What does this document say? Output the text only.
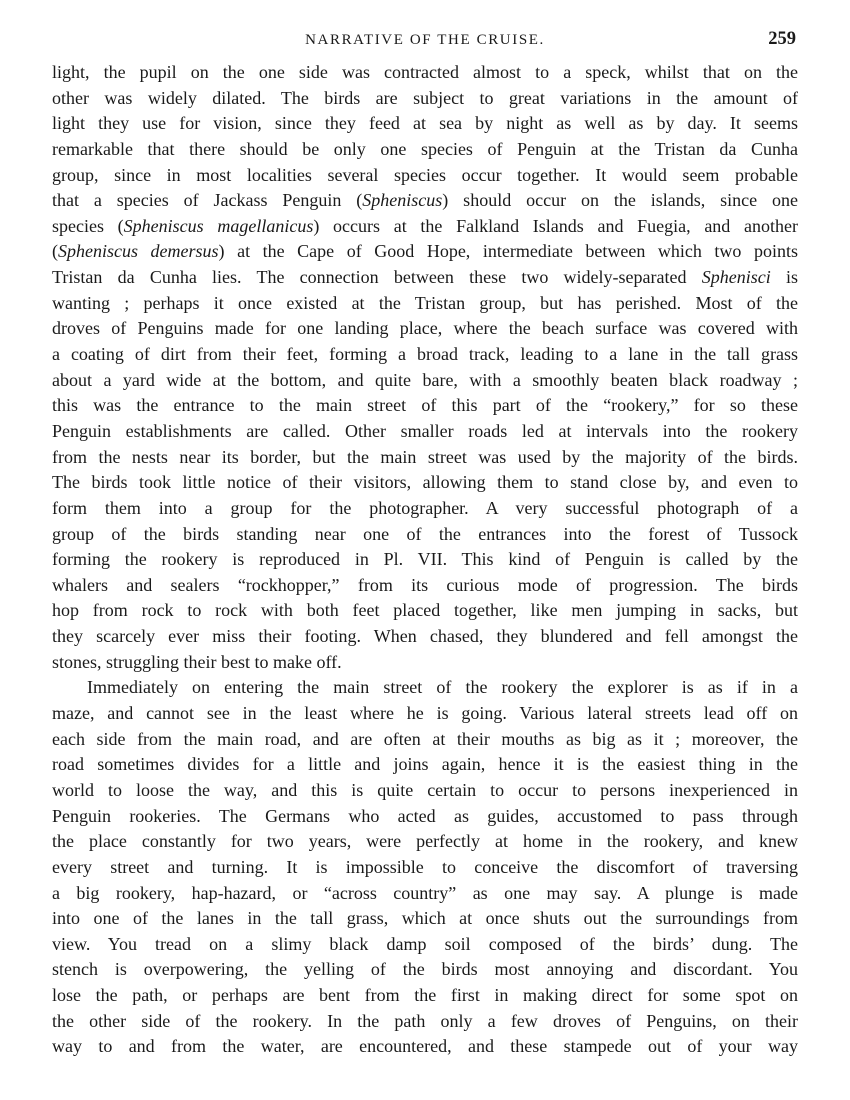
NARRATIVE OF THE CRUISE.	259
light, the pupil on the one side was contracted almost to a speck, whilst that on the
other was widely dilated. The birds are subject to great variations in the amount of
light they use for vision, since they feed at sea by night as well as by day. It seems
remarkable that there should be only one species of Penguin at the Tristan da Cunha
group, since in most localities several species occur together. It would seem probable
that a species of Jackass Penguin (Spheniscus) should occur on the islands, since one
species (Spheniscus magellanicus) occurs at the Falkland Islands and Fuegia, and another
(Spheniscus demersus) at the Cape of Good Hope, intermediate between which two points
Tristan da Cunha lies. The connection between these two widely-separated Sphenisci is
wanting ; perhaps it once existed at the Tristan group, but has perished. Most of the
droves of Penguins made for one landing place, where the beach surface was covered with
a coating of dirt from their feet, forming a broad track, leading to a lane in the tall grass
about a yard wide at the bottom, and quite bare, with a smoothly beaten black roadway ;
this was the entrance to the main street of this part of the “rookery,” for so these
Penguin establishments are called. Other smaller roads led at intervals into the rookery
from the nests near its border, but the main street was used by the majority of the birds.
The birds took little notice of their visitors, allowing them to stand close by, and even to
form them into a group for the photographer. A very successful photograph of a
group of the birds standing near one of the entrances into the forest of Tussock
forming the rookery is reproduced in Pl. VII. This kind of Penguin is called by the
whalers and sealers “rockhopper,” from its curious mode of progression. The birds
hop from rock to rock with both feet placed together, like men jumping in sacks, but
they scarcely ever miss their footing. When chased, they blundered and fell amongst the
stones, struggling their best to make off.
Immediately on entering the main street of the rookery the explorer is as if in a
maze, and cannot see in the least where he is going. Various lateral streets lead off on
each side from the main road, and are often at their mouths as big as it ; moreover, the
road sometimes divides for a little and joins again, hence it is the easiest thing in the
world to loose the way, and this is quite certain to occur to persons inexperienced in
Penguin rookeries. The Germans who acted as guides, accustomed to pass through
the place constantly for two years, were perfectly at home in the rookery, and knew
every street and turning. It is impossible to conceive the discomfort of traversing
a big rookery, hap-hazard, or “across country” as one may say. A plunge is made
into one of the lanes in the tall grass, which at once shuts out the surroundings from
view. You tread on a slimy black damp soil composed of the birds’ dung. The
stench is overpowering, the yelling of the birds most annoying and discordant. You
lose the path, or perhaps are bent from the first in making direct for some spot on
the other side of the rookery. In the path only a few droves of Penguins, on their
way to and from the water, are encountered, and these stampede out of your way
